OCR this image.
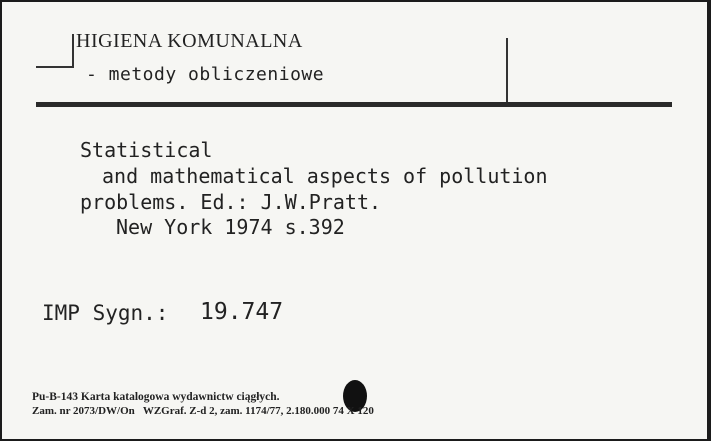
HIGIENA KOMUNALNA
- metody obliczeniowe
Statistical
and mathematical aspects of pollution
problems. Ed.: J.W.Pratt.
New York 1974 s.392
IMP Sygn.: 19.747
Pu-B-143 Karta katalogowa wydawnictw ciągłych.
Zam. nr 2073/DW/On   WZGraf. Z-d 2, zam. 1174/77, 2.180.000 74 X 120
